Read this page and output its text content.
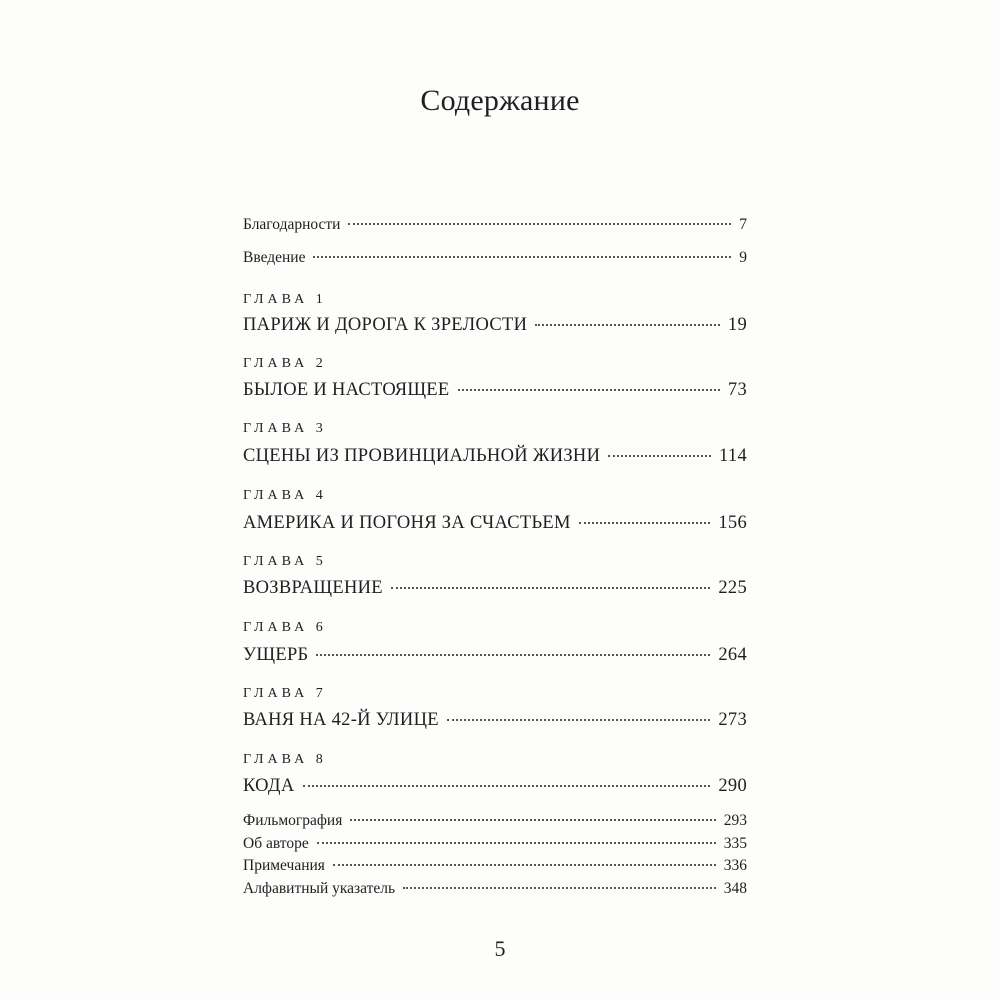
Содержание
Благодарности	7
Введение	9
ГЛАВА 1
ПАРИЖ И ДОРОГА К ЗРЕЛОСТИ	19
ГЛАВА 2
БЫЛОЕ И НАСТОЯЩЕЕ	73
ГЛАВА 3
СЦЕНЫ ИЗ ПРОВИНЦИАЛЬНОЙ ЖИЗНИ	114
ГЛАВА 4
АМЕРИКА И ПОГОНЯ ЗА СЧАСТЬЕМ	156
ГЛАВА 5
ВОЗВРАЩЕНИЕ	225
ГЛАВА 6
УЩЕРБ	264
ГЛАВА 7
ВАНЯ НА 42-Й УЛИЦЕ	273
ГЛАВА 8
КОДА	290
Фильмография	293
Об авторе	335
Примечания	336
Алфавитный указатель	348
5
